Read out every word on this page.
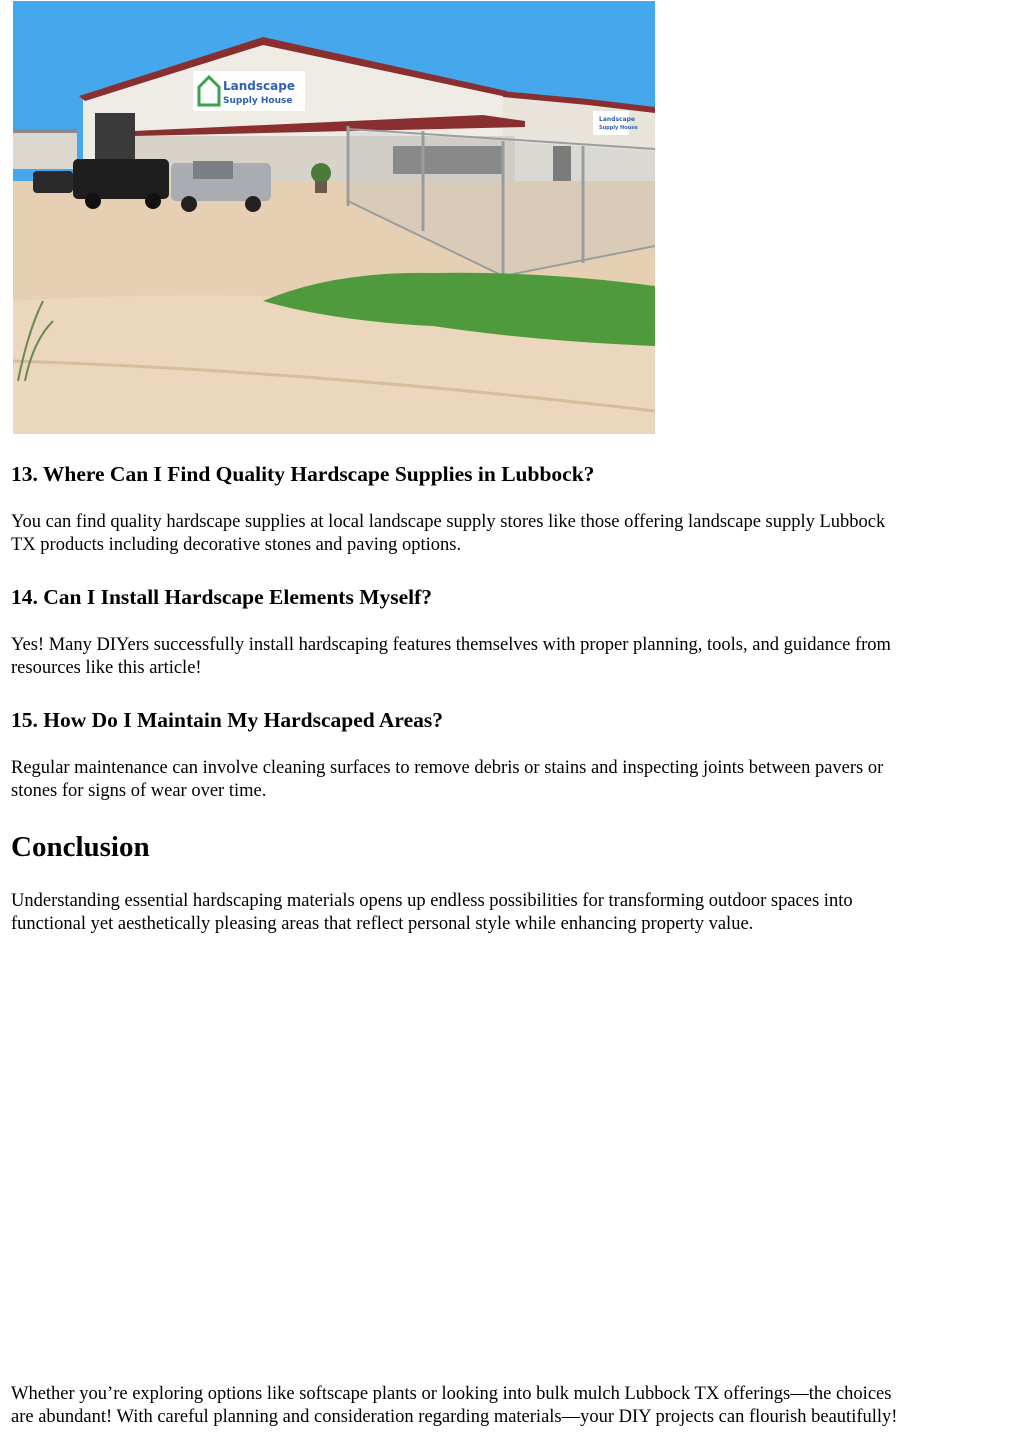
Landscape
Supply House
Landscape
Supply House
13. Where Can I Find Quality Hardscape Supplies in Lubbock?

You can find quality hardscape supplies at local landscape supply stores like those offering landscape supply Lubbock
TX products including decorative stones and paving options.

14. Can I Install Hardscape Elements Myself?

Yes! Many DIYers successfully install hardscaping features themselves with proper planning, tools, and guidance from
resources like this article!

15. How Do I Maintain My Hardscaped Areas?

Regular maintenance can involve cleaning surfaces to remove debris or stains and inspecting joints between pavers or
stones for signs of wear over time.

Conclusion

Understanding essential hardscaping materials opens up endless possibilities for transforming outdoor spaces into
functional yet aesthetically pleasing areas that reflect personal style while enhancing property value.

Whether you’re exploring options like softscape plants or looking into bulk mulch Lubbock TX offerings—the choices
are abundant! With careful planning and consideration regarding materials—your DIY projects can flourish beautifully!
